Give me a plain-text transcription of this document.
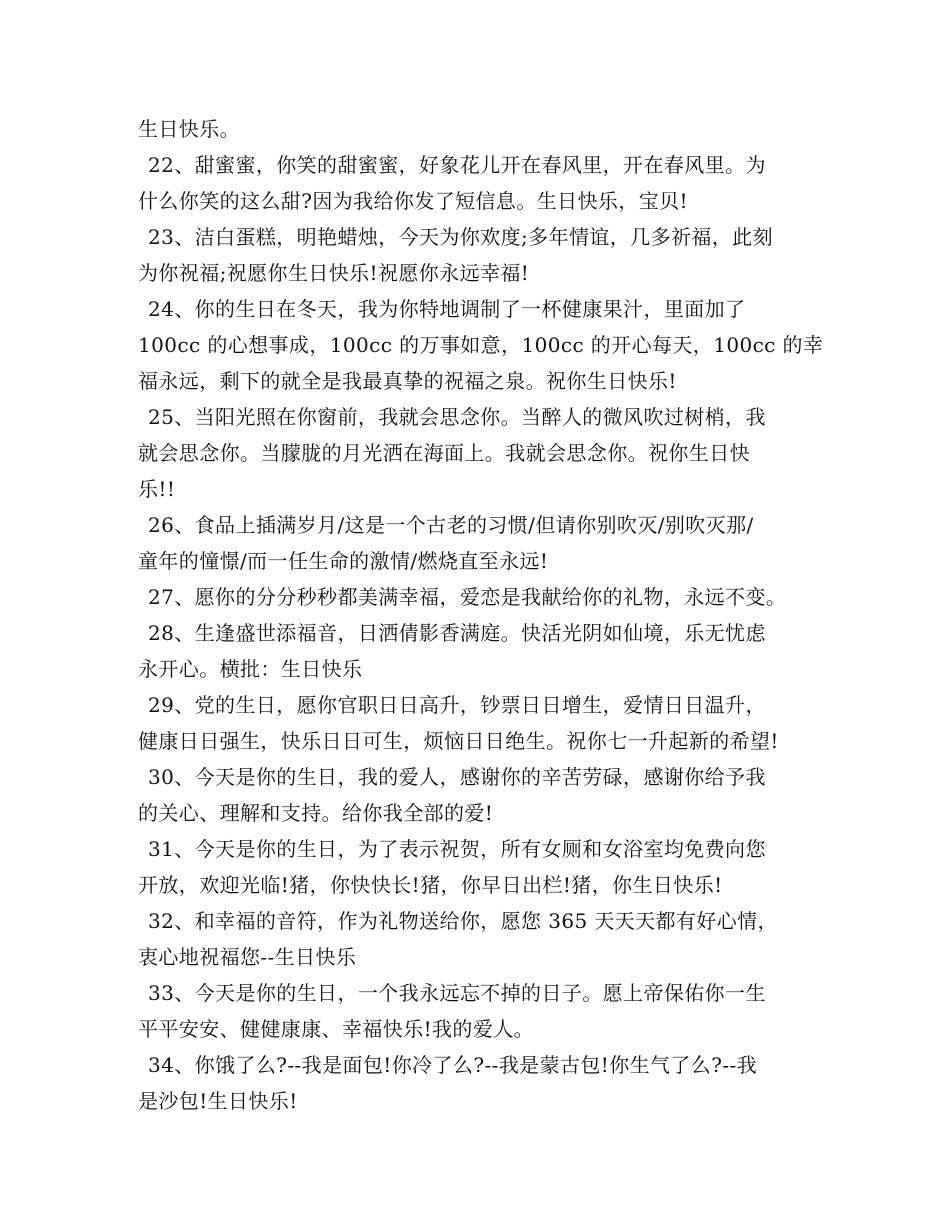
生日快乐。
22、甜蜜蜜，你笑的甜蜜蜜，好象花儿开在春风里，开在春风里。为
什么你笑的这么甜?因为我给你发了短信息。生日快乐，宝贝!
23、洁白蛋糕，明艳蜡烛，今天为你欢度;多年情谊，几多祈福，此刻
为你祝福;祝愿你生日快乐!祝愿你永远幸福!
24、你的生日在冬天，我为你特地调制了一杯健康果汁，里面加了
100cc 的心想事成，100cc 的万事如意，100cc 的开心每天，100cc 的幸
福永远，剩下的就全是我最真挚的祝福之泉。祝你生日快乐!
25、当阳光照在你窗前，我就会思念你。当醉人的微风吹过树梢，我
就会思念你。当朦胧的月光洒在海面上。我就会思念你。祝你生日快
乐!!
26、食品上插满岁月/这是一个古老的习惯/但请你别吹灭/别吹灭那/
童年的憧憬/而一任生命的激情/燃烧直至永远!
27、愿你的分分秒秒都美满幸福，爱恋是我献给你的礼物，永远不变。
28、生逢盛世添福音，日洒倩影香满庭。快活光阴如仙境，乐无忧虑
永开心。横批：生日快乐
29、党的生日，愿你官职日日高升，钞票日日增生，爱情日日温升，
健康日日强生，快乐日日可生，烦恼日日绝生。祝你七一升起新的希望!
30、今天是你的生日，我的爱人，感谢你的辛苦劳碌，感谢你给予我
的关心、理解和支持。给你我全部的爱!
31、今天是你的生日，为了表示祝贺，所有女厕和女浴室均免费向您
开放，欢迎光临!猪，你快快长!猪，你早日出栏!猪，你生日快乐!
32、和幸福的音符，作为礼物送给你，愿您 365 天天天都有好心情，
衷心地祝福您--生日快乐
33、今天是你的生日，一个我永远忘不掉的日子。愿上帝保佑你一生
平平安安、健健康康、幸福快乐!我的爱人。
34、你饿了么?--我是面包!你冷了么?--我是蒙古包!你生气了么?--我
是沙包!生日快乐!
